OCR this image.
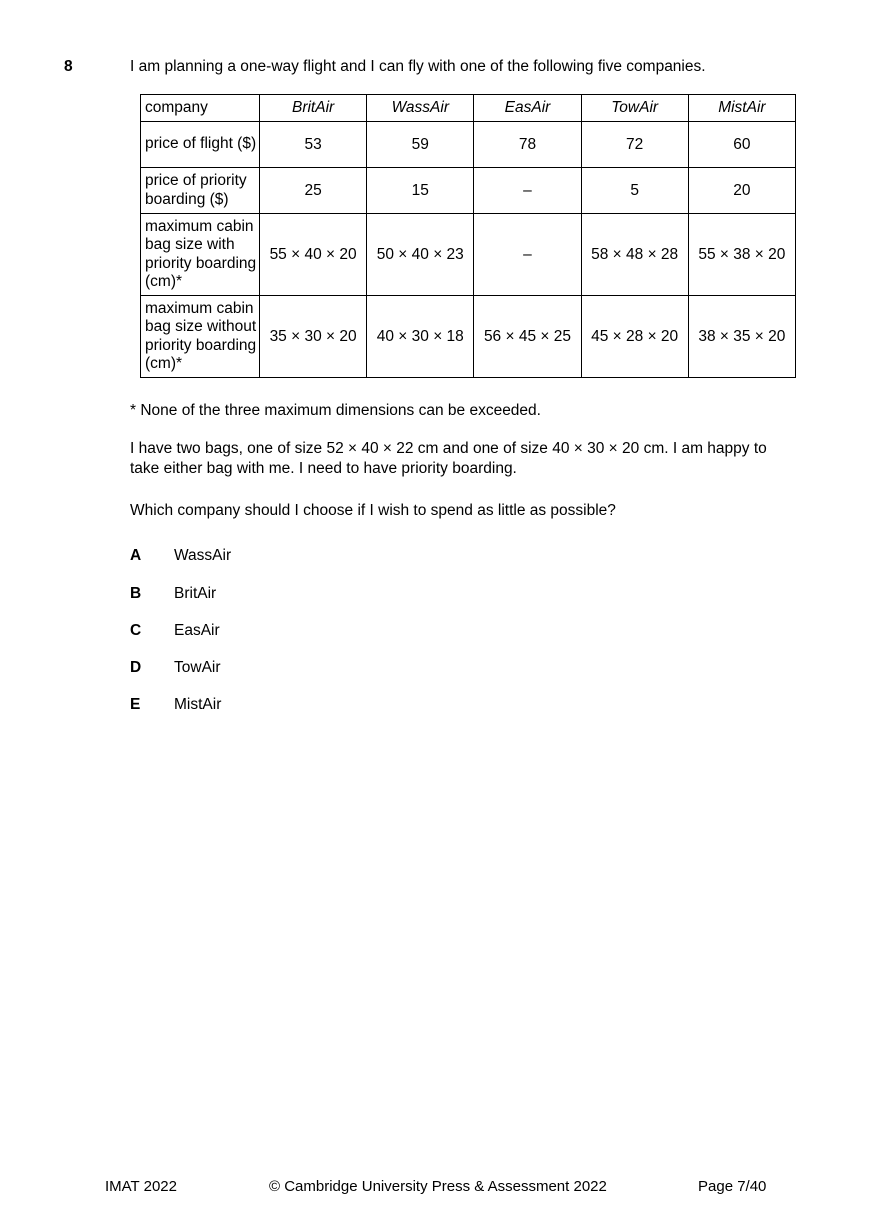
8	I am planning a one-way flight and I can fly with one of the following five companies.
company	BritAir	WassAir	EasAir	TowAir	MistAir
price of flight ($)	53	59	78	72	60
price of priority boarding ($)	25	15	–	5	20
maximum cabin bag size with priority boarding (cm)*	55 × 40 × 20	50 × 40 × 23	–	58 × 48 × 28	55 × 38 × 20
maximum cabin bag size without priority boarding (cm)*	35 × 30 × 20	40 × 30 × 18	56 × 45 × 25	45 × 28 × 20	38 × 35 × 20
* None of the three maximum dimensions can be exceeded.
I have two bags, one of size 52 × 40 × 22 cm and one of size 40 × 30 × 20 cm. I am happy to take either bag with me. I need to have priority boarding.
Which company should I choose if I wish to spend as little as possible?
A	WassAir
B	BritAir
C	EasAir
D	TowAir
E	MistAir
IMAT 2022	© Cambridge University Press & Assessment 2022	Page 7/40
